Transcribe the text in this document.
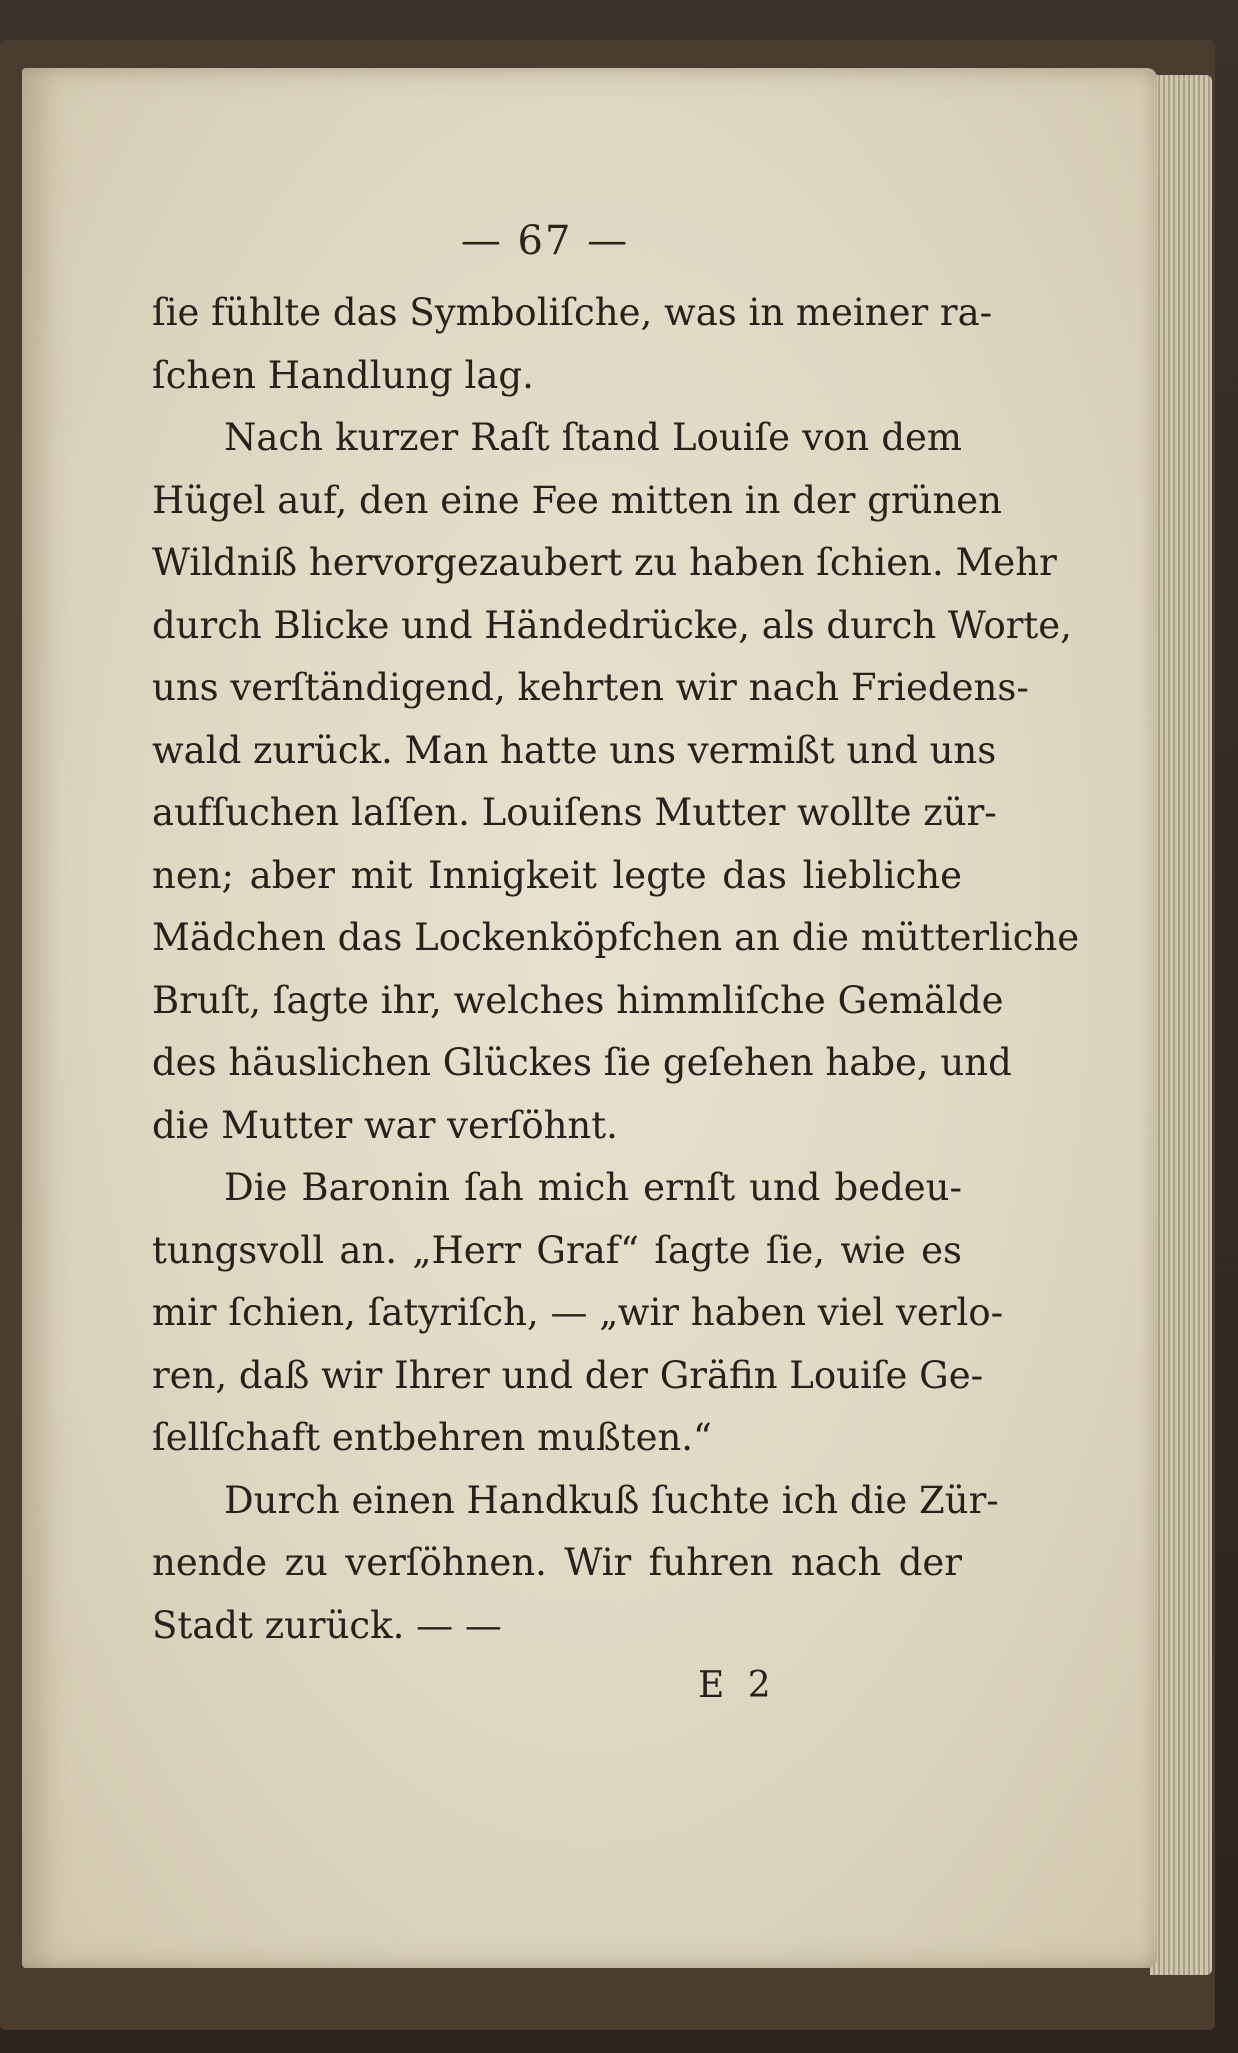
— 67 —
ſie fühlte das Symboliſche, was in meiner ra-
ſchen Handlung lag.
Nach kurzer Raſt ſtand Louiſe von dem
Hügel auf, den eine Fee mitten in der grünen
Wildniß hervorgezaubert zu haben ſchien. Mehr
durch Blicke und Händedrücke, als durch Worte,
uns verſtändigend, kehrten wir nach Friedens-
wald zurück. Man hatte uns vermißt und uns
aufſuchen laſſen. Louiſens Mutter wollte zür-
nen; aber mit Innigkeit legte das liebliche
Mädchen das Lockenköpfchen an die mütterliche
Bruſt, ſagte ihr, welches himmliſche Gemälde
des häuslichen Glückes ſie geſehen habe, und
die Mutter war verſöhnt.
Die Baronin ſah mich ernſt und bedeu-
tungsvoll an. „Herr Graf“ ſagte ſie, wie es
mir ſchien, ſatyriſch, — „wir haben viel verlo-
ren, daß wir Ihrer und der Gräfin Louiſe Ge-
ſellſchaft entbehren mußten.“
Durch einen Handkuß ſuchte ich die Zür-
nende zu verſöhnen. Wir fuhren nach der
Stadt zurück. — —
E 2
